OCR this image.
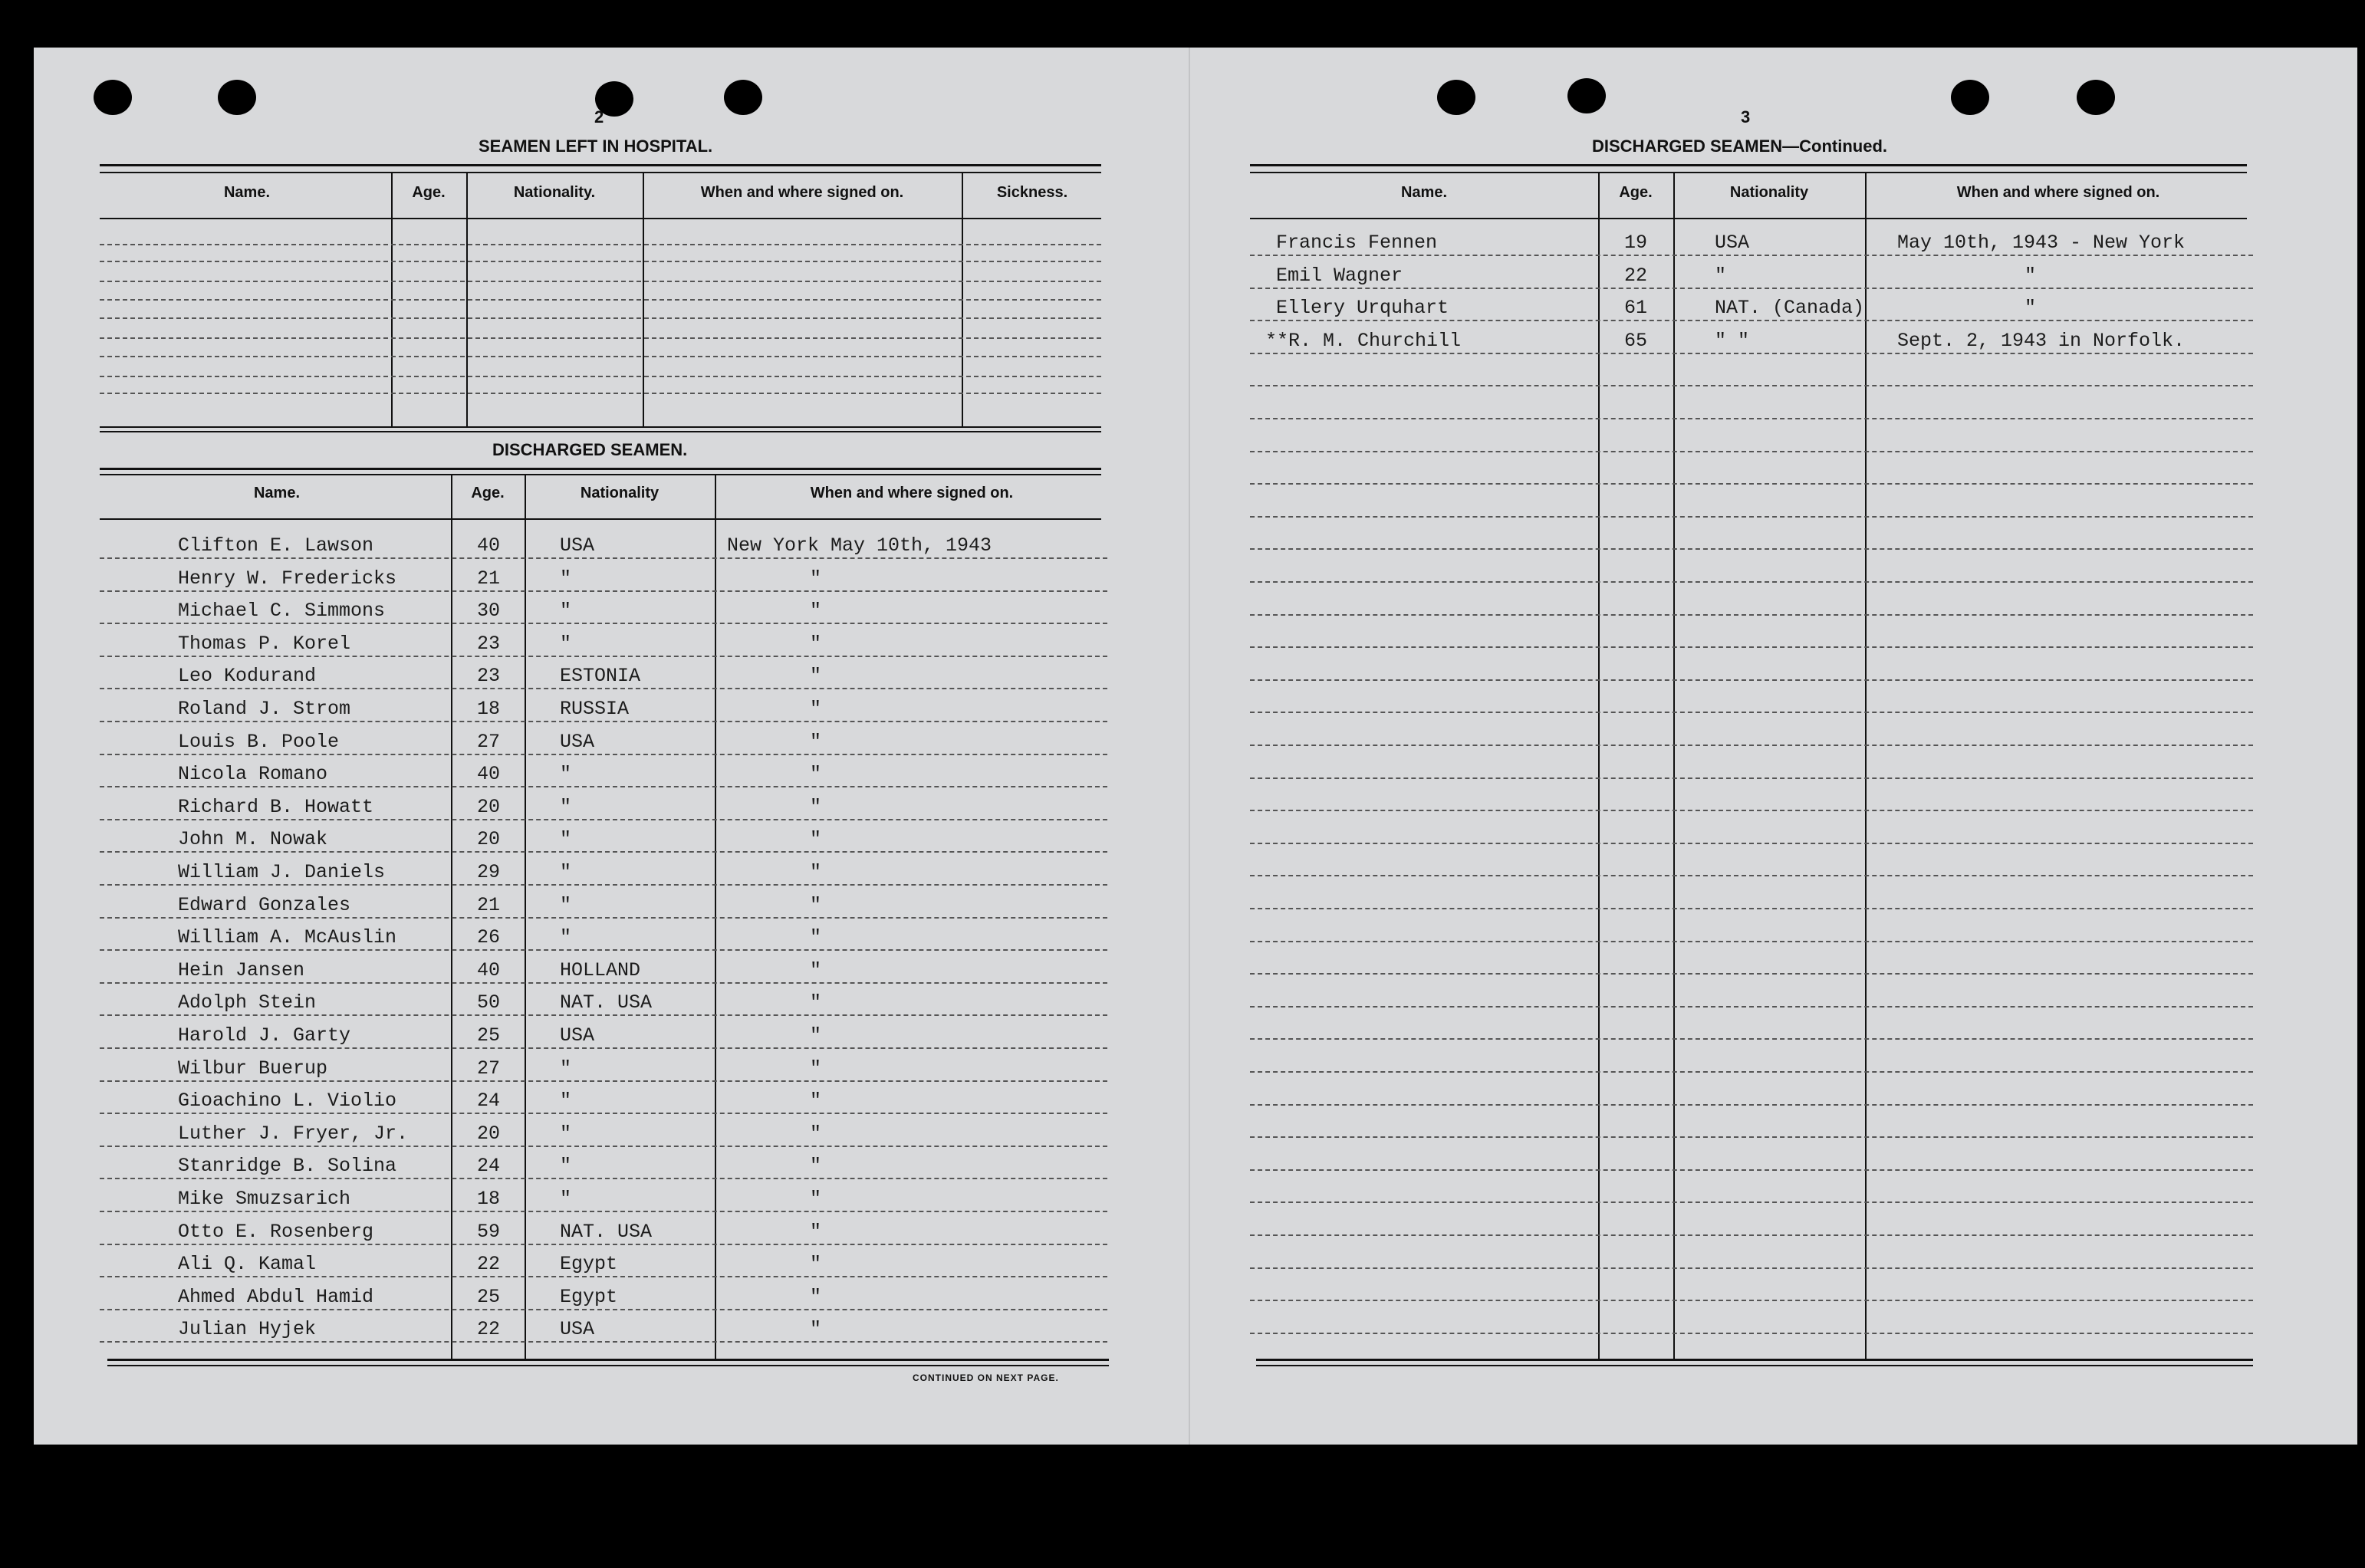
2
SEAMEN LEFT IN HOSPITAL.
Name.	Age.	Nationality.	When and where signed on.	Sickness.
DISCHARGED SEAMEN.
Name.	Age.	Nationality	When and where signed on.
Clifton E. Lawson	40	USA	New York May 10th, 1943
Henry W. Fredericks	21	"	"
Michael C. Simmons	30	"	"
Thomas P. Korel	23	"	"
Leo Kodurand	23	ESTONIA	"
Roland J. Strom	18	RUSSIA	"
Louis B. Poole	27	USA	"
Nicola Romano	40	"	"
Richard B. Howatt	20	"	"
John M. Nowak	20	"	"
William J. Daniels	29	"	"
Edward Gonzales	21	"	"
William A. McAuslin	26	"	"
Hein Jansen	40	HOLLAND	"
Adolph Stein	50	NAT. USA	"
Harold J. Garty	25	USA	"
Wilbur Buerup	27	"	"
Gioachino L. Violio	24	"	"
Luther J. Fryer, Jr.	20	"	"
Stanridge B. Solina	24	"	"
Mike Smuzsarich	18	"	"
Otto E. Rosenberg	59	NAT. USA	"
Ali Q. Kamal	22	Egypt	"
Ahmed Abdul Hamid	25	Egypt	"
Julian Hyjek	22	USA	"
CONTINUED ON NEXT PAGE.
3
DISCHARGED SEAMEN—Continued.
Name.	Age.	Nationality	When and where signed on.
Francis Fennen	19	USA	May 10th, 1943 - New York
Emil Wagner	22	"	"
Ellery Urquhart	61	NAT. (Canada)	"
**R. M. Churchill	65	" "	Sept. 2, 1943 in Norfolk.
